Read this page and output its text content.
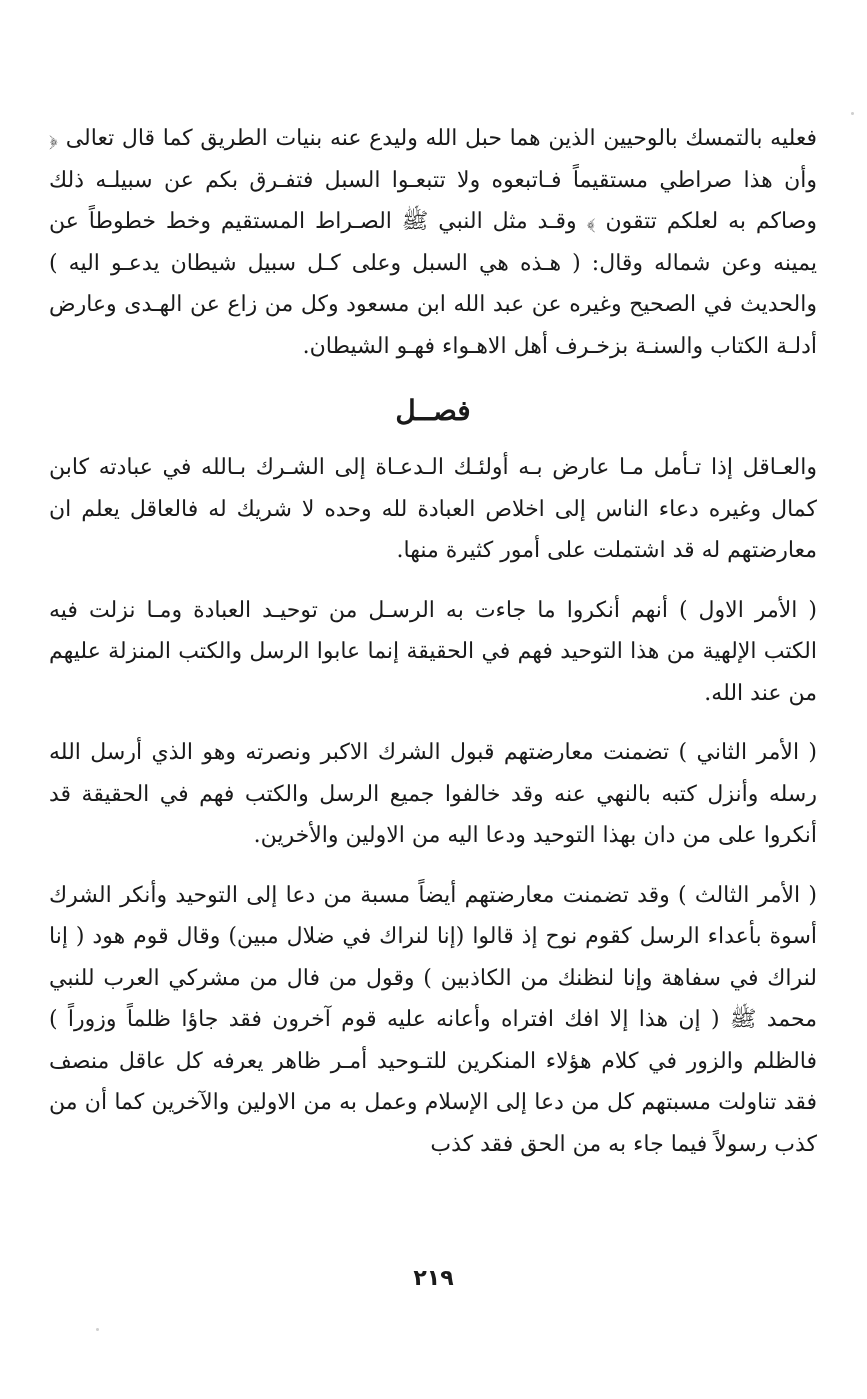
فعليه بالتمسك بالوحيين الذين هما حبل الله وليدع عنه بنيات الطريق كما قال تعالى ﴿ وأن هذا صراطي مستقيماً فـاتبعوه ولا تتبعـوا السبل فتفـرق بكم عن سبيلـه ذلك وصاكم به لعلكم تتقون ﴾ وقـد مثل النبي ﷺ الصـراط المستقيم وخط خطوطاً عن يمينه وعن شماله وقال: ( هـذه هي السبل وعلى كـل سبيل شيطان يدعـو اليه ) والحديث في الصحيح وغيره عن عبد الله ابن مسعود وكل من زاع عن الهـدى وعارض أدلـة الكتاب والسنـة بزخـرف أهل الاهـواء فهـو الشيطان.

فصــل

والعـاقل إذا تـأمل مـا عارض بـه أولئـك الـدعـاة إلى الشـرك بـالله في عبادته كابن كمال وغيره دعاء الناس إلى اخلاص العبادة لله وحده لا شريك له فالعاقل يعلم ان معارضتهم له قد اشتملت على أمور كثيرة منها.

( الأمر الاول ) أنهم أنكروا ما جاءت به الرسـل من توحيـد العبادة ومـا نزلت فيه الكتب الإلهية من هذا التوحيد فهم في الحقيقة إنما عابوا الرسل والكتب المنزلة عليهم من عند الله.

( الأمر الثاني ) تضمنت معارضتهم قبول الشرك الاكبر ونصرته وهو الذي أرسل الله رسله وأنزل كتبه بالنهي عنه وقد خالفوا جميع الرسل والكتب فهم في الحقيقة قد أنكروا على من دان بهذا التوحيد ودعا اليه من الاولين والأخرين.

( الأمر الثالث ) وقد تضمنت معارضتهم أيضاً مسبة من دعا إلى التوحيد وأنكر الشرك أسوة بأعداء الرسل كقوم نوح إذ قالوا (إنا لنراك في ضلال مبين) وقال قوم هود ( إنا لنراك في سفاهة وإنا لنظنك من الكاذبين ) وقول من فال من مشركي العرب للنبي محمد ﷺ ( إن هذا إلا افك افتراه وأعانه عليه قوم آخرون فقد جاؤا ظلماً وزوراً ) فالظلم والزور في كلام هؤلاء المنكرين للتـوحيد أمـر ظاهر يعرفه كل عاقل منصف فقد تناولت مسبتهم كل من دعا إلى الإسلام وعمل به من الاولين والآخرين كما أن من كذب رسولاً فيما جاء به من الحق فقد كذب

٢١٩
